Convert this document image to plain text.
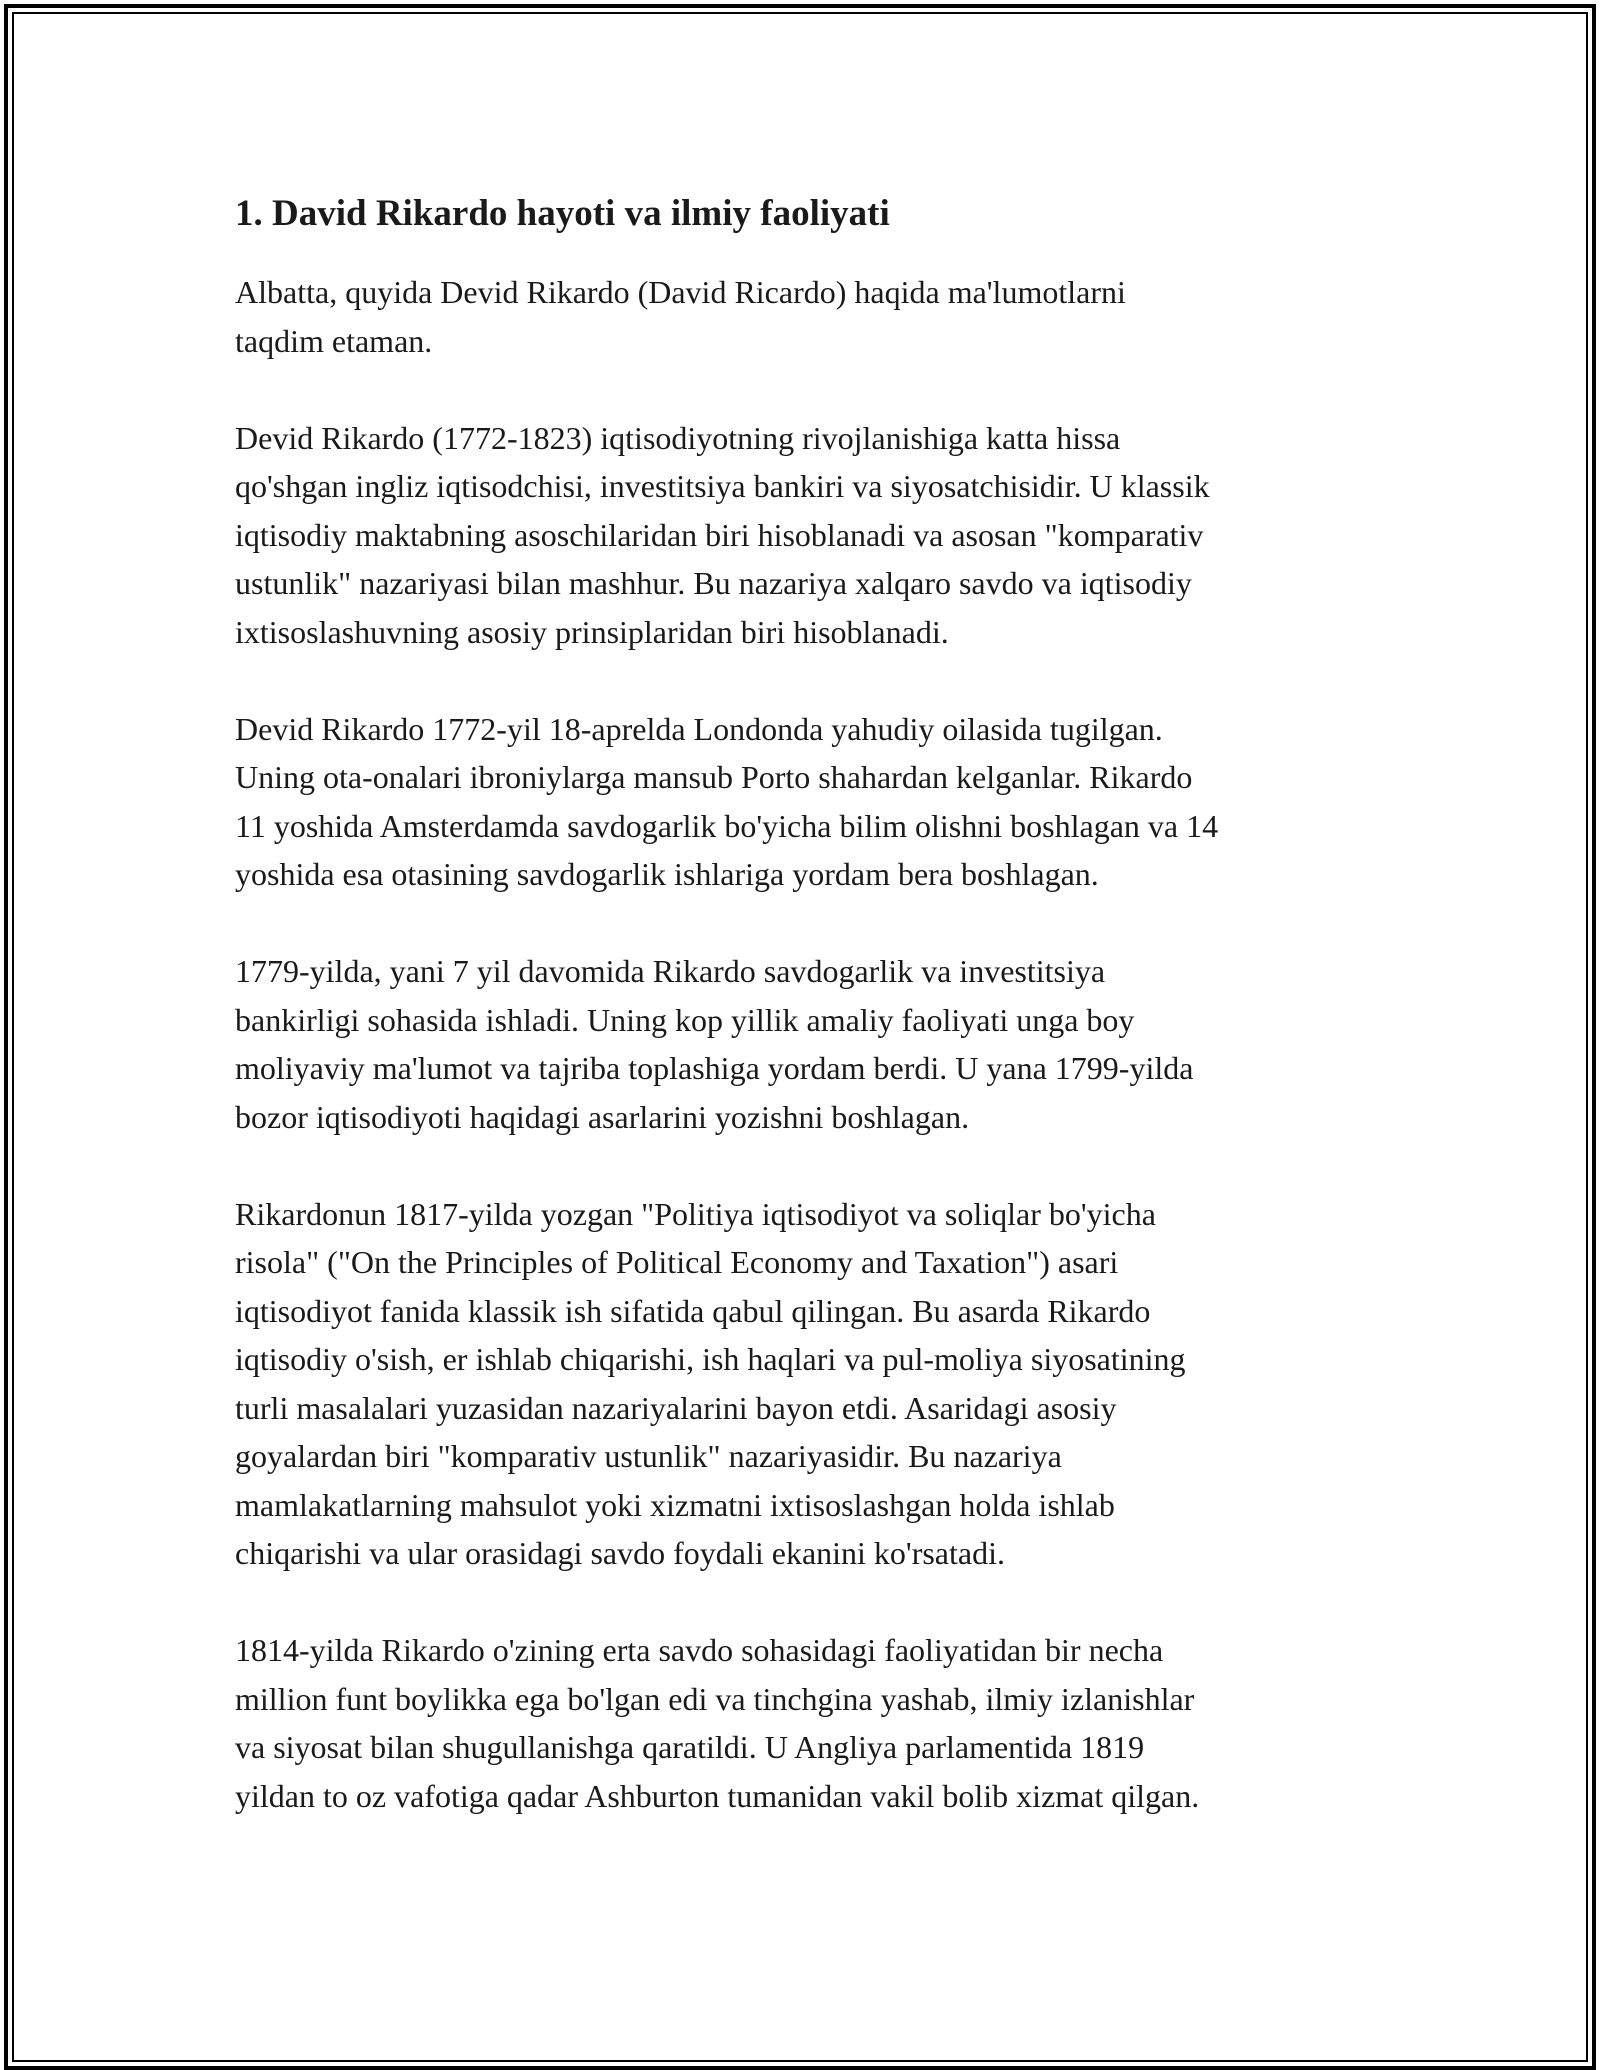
1. David Rikardo hayoti va ilmiy faoliyati

Albatta, quyida Devid Rikardo (David Ricardo) haqida ma'lumotlarni
taqdim etaman.

Devid Rikardo (1772-1823) iqtisodiyotning rivojlanishiga katta hissa
qo'shgan ingliz iqtisodchisi, investitsiya bankiri va siyosatchisidir. U klassik
iqtisodiy maktabning asoschilaridan biri hisoblanadi va asosan "komparativ
ustunlik" nazariyasi bilan mashhur. Bu nazariya xalqaro savdo va iqtisodiy
ixtisoslashuvning asosiy prinsiplaridan biri hisoblanadi.

Devid Rikardo 1772-yil 18-aprelda Londonda yahudiy oilasida tugilgan.
Uning ota-onalari ibroniylarga mansub Porto shahardan kelganlar. Rikardo
11 yoshida Amsterdamda savdogarlik bo'yicha bilim olishni boshlagan va 14
yoshida esa otasining savdogarlik ishlariga yordam bera boshlagan.

1779-yilda, yani 7 yil davomida Rikardo savdogarlik va investitsiya
bankirligi sohasida ishladi. Uning kop yillik amaliy faoliyati unga boy
moliyaviy ma'lumot va tajriba toplashiga yordam berdi. U yana 1799-yilda
bozor iqtisodiyoti haqidagi asarlarini yozishni boshlagan.

Rikardonun 1817-yilda yozgan "Politiya iqtisodiyot va soliqlar bo'yicha
risola" ("On the Principles of Political Economy and Taxation") asari
iqtisodiyot fanida klassik ish sifatida qabul qilingan. Bu asarda Rikardo
iqtisodiy o'sish, er ishlab chiqarishi, ish haqlari va pul-moliya siyosatining
turli masalalari yuzasidan nazariyalarini bayon etdi. Asaridagi asosiy
goyalardan biri "komparativ ustunlik" nazariyasidir. Bu nazariya
mamlakatlarning mahsulot yoki xizmatni ixtisoslashgan holda ishlab
chiqarishi va ular orasidagi savdo foydali ekanini ko'rsatadi.

1814-yilda Rikardo o'zining erta savdo sohasidagi faoliyatidan bir necha
million funt boylikka ega bo'lgan edi va tinchgina yashab, ilmiy izlanishlar
va siyosat bilan shugullanishga qaratildi. U Angliya parlamentida 1819
yildan to oz vafotiga qadar Ashburton tumanidan vakil bolib xizmat qilgan.
